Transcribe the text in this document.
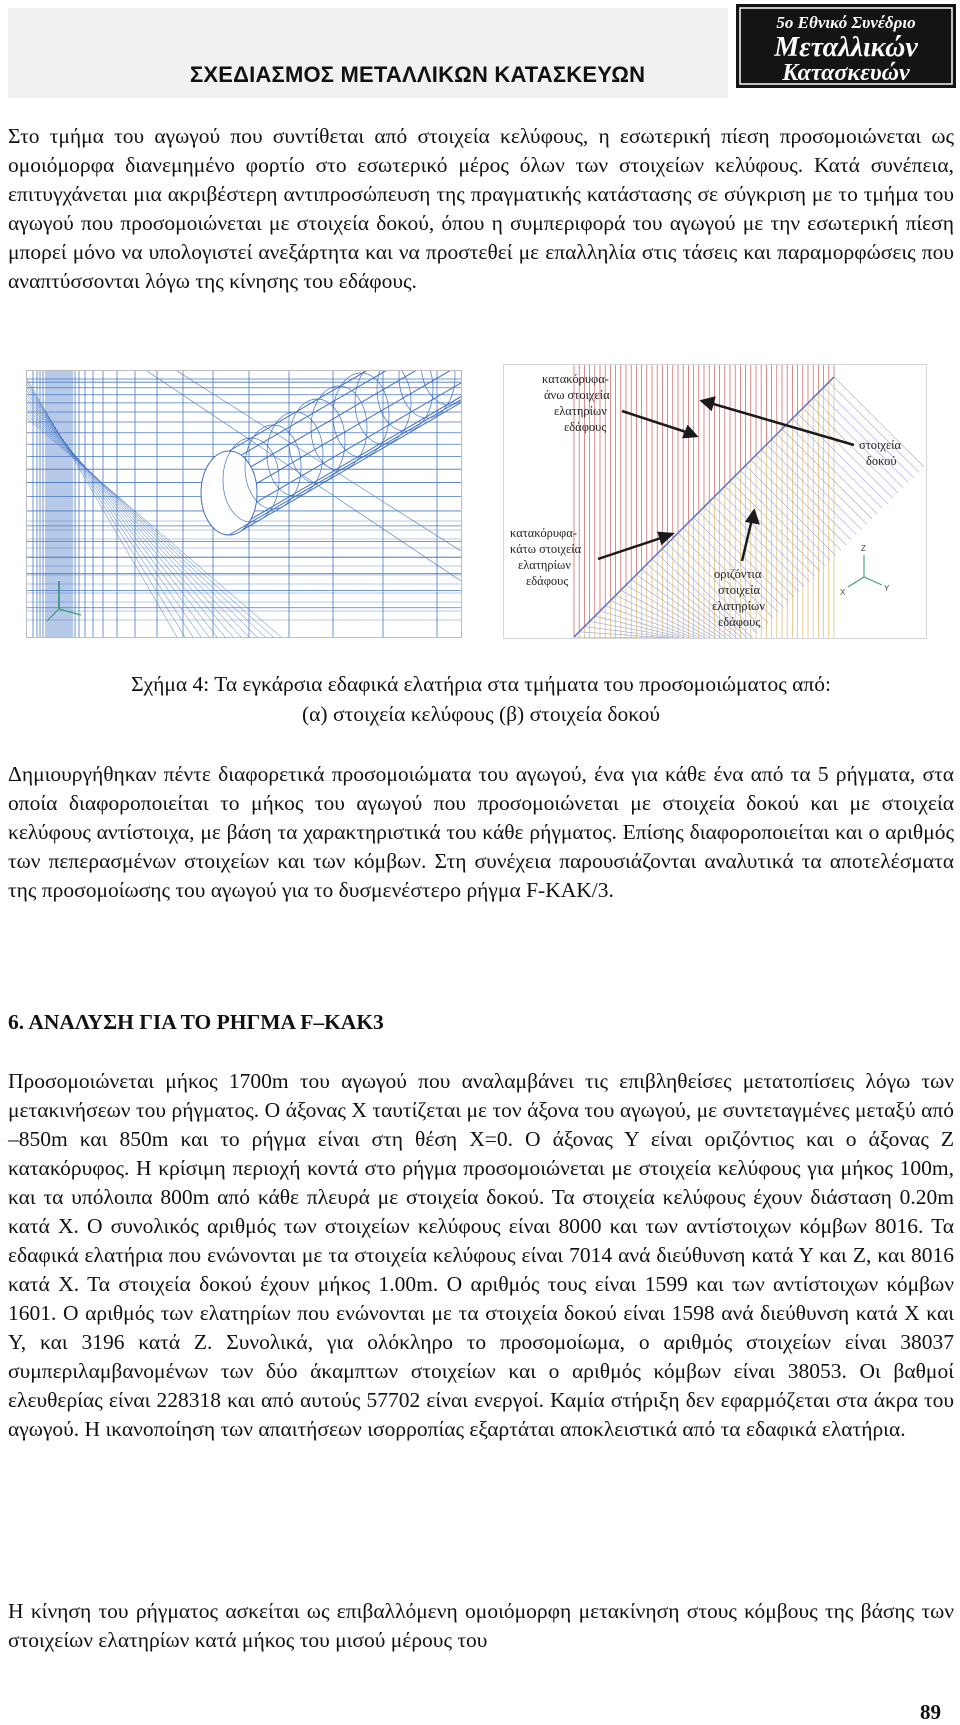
ΣΧΕΔΙΑΣΜΟΣ ΜΕΤΑΛΛΙΚΩΝ ΚΑΤΑΣΚΕΥΩΝ
5ο Εθνικό Συνέδριο
Μεταλλικών
Κατασκευών

Στο τμήμα του αγωγού που συντίθεται από στοιχεία κελύφους, η εσωτερική πίεση προσομοιώνεται ως ομοιόμορφα διανεμημένο φορτίο στο εσωτερικό μέρος όλων των στοιχείων κελύφους. Κατά συνέπεια, επιτυγχάνεται μια ακριβέστερη αντιπροσώπευση της πραγματικής κατάστασης σε σύγκριση με το τμήμα του αγωγού που προσομοιώνεται με στοιχεία δοκού, όπου η συμπεριφορά του αγωγού με την εσωτερική πίεση μπορεί μόνο να υπολογιστεί ανεξάρτητα και να προστεθεί με επαλληλία στις τάσεις και παραμορφώσεις που αναπτύσσονται λόγω της κίνησης του εδάφους.

κατακόρυφα-
άνω στοιχεία
ελατηρίων
εδάφους
στοιχεία
δοκού
κατακόρυφα-
κάτω στοιχεία
ελατηρίων
εδάφους	οριζόντια
στοιχεία
ελατηρίων
εδάφους
Z
X	Y
Σχήμα 4: Τα εγκάρσια εδαφικά ελατήρια στα τμήματα του προσομοιώματος από:
(α) στοιχεία κελύφους (β) στοιχεία δοκού

Δημιουργήθηκαν πέντε διαφορετικά προσομοιώματα του αγωγού, ένα για κάθε ένα από τα 5 ρήγματα, στα οποία διαφοροποιείται το μήκος του αγωγού που προσομοιώνεται με στοιχεία δοκού και με στοιχεία κελύφους αντίστοιχα, με βάση τα χαρακτηριστικά του κάθε ρήγματος. Επίσης διαφοροποιείται και ο αριθμός των πεπερασμένων στοιχείων και των κόμβων. Στη συνέχεια παρουσιάζονται αναλυτικά τα αποτελέσματα της προσομοίωσης του αγωγού για το δυσμενέστερο ρήγμα F-KAK/3.

6. ΑΝΑΛΥΣΗ ΓΙΑ ΤΟ ΡΗΓΜΑ F–KAK3

Προσομοιώνεται μήκος 1700m του αγωγού που αναλαμβάνει τις επιβληθείσες μετατοπίσεις λόγω των μετακινήσεων του ρήγματος. Ο άξονας Χ ταυτίζεται με τον άξονα του αγωγού, με συντεταγμένες μεταξύ από –850m και 850m και το ρήγμα είναι στη θέση Χ=0. Ο άξονας Υ είναι οριζόντιος και ο άξονας Ζ κατακόρυφος. Η κρίσιμη περιοχή κοντά στο ρήγμα προσομοιώνεται με στοιχεία κελύφους για μήκος 100m, και τα υπόλοιπα 800m από κάθε πλευρά με στοιχεία δοκού. Τα στοιχεία κελύφους έχουν διάσταση 0.20m κατά Χ. Ο συνολικός αριθμός των στοιχείων κελύφους είναι 8000 και των αντίστοιχων κόμβων 8016. Τα εδαφικά ελατήρια που ενώνονται με τα στοιχεία κελύφους είναι 7014 ανά διεύθυνση κατά Υ και Ζ, και 8016 κατά Χ. Τα στοιχεία δοκού έχουν μήκος 1.00m. Ο αριθμός τους είναι 1599 και των αντίστοιχων κόμβων 1601. Ο αριθμός των ελατηρίων που ενώνονται με τα στοιχεία δοκού είναι 1598 ανά διεύθυνση κατά Χ και Υ, και 3196 κατά Ζ. Συνολικά, για ολόκληρο το προσομοίωμα, ο αριθμός στοιχείων είναι 38037 συμπεριλαμβανομένων των δύο άκαμπτων στοιχείων και ο αριθμός κόμβων είναι 38053. Οι βαθμοί ελευθερίας είναι 228318 και από αυτούς 57702 είναι ενεργοί. Καμία στήριξη δεν εφαρμόζεται στα άκρα του αγωγού. Η ικανοποίηση των απαιτήσεων ισορροπίας εξαρτάται αποκλειστικά από τα εδαφικά ελατήρια.

Η κίνηση του ρήγματος ασκείται ως επιβαλλόμενη ομοιόμορφη μετακίνηση στους κόμβους της βάσης των στοιχείων ελατηρίων κατά μήκος του μισού μέρους του

89
